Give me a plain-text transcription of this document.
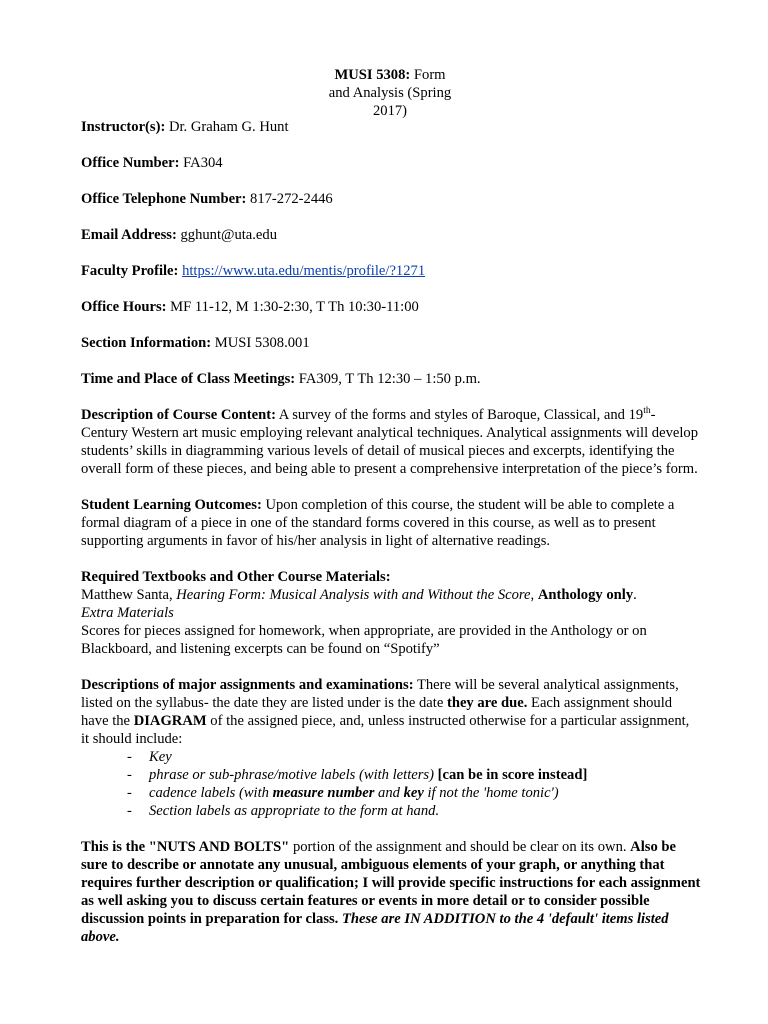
MUSI 5308: Form
and Analysis (Spring
2017)

Instructor(s): Dr. Graham G. Hunt

Office Number: FA304

Office Telephone Number: 817-272-2446

Email Address: gghunt@uta.edu

Faculty Profile: https://www.uta.edu/mentis/profile/?1271

Office Hours: MF 11-12, M 1:30-2:30, T Th 10:30-11:00

Section Information: MUSI 5308.001

Time and Place of Class Meetings: FA309, T Th 12:30 – 1:50 p.m.

Description of Course Content: A survey of the forms and styles of Baroque, Classical, and 19th-Century Western art music employing relevant analytical techniques. Analytical assignments will develop students’ skills in diagramming various levels of detail of musical pieces and excerpts, identifying the overall form of these pieces, and being able to present a comprehensive interpretation of the piece’s form.

Student Learning Outcomes: Upon completion of this course, the student will be able to complete a formal diagram of a piece in one of the standard forms covered in this course, as well as to present supporting arguments in favor of his/her analysis in light of alternative readings.

Required Textbooks and Other Course Materials:

Matthew Santa, Hearing Form: Musical Analysis with and Without the Score, Anthology only.

Extra Materials

Scores for pieces assigned for homework, when appropriate, are provided in the Anthology or on Blackboard, and listening excerpts can be found on “Spotify”

Descriptions of major assignments and examinations: There will be several analytical assignments, listed on the syllabus- the date they are listed under is the date they are due. Each assignment should have the DIAGRAM of the assigned piece, and, unless instructed otherwise for a particular assignment, it should include:

- Key
- phrase or sub-phrase/motive labels (with letters) [can be in score instead]
- cadence labels (with measure number and key if not the 'home tonic')
- Section labels as appropriate to the form at hand.

This is the "NUTS AND BOLTS" portion of the assignment and should be clear on its own. Also be sure to describe or annotate any unusual, ambiguous elements of your graph, or anything that requires further description or qualification; I will provide specific instructions for each assignment as well asking you to discuss certain features or events in more detail or to consider possible discussion points in preparation for class. These are IN ADDITION to the 4 'default' items listed above.
